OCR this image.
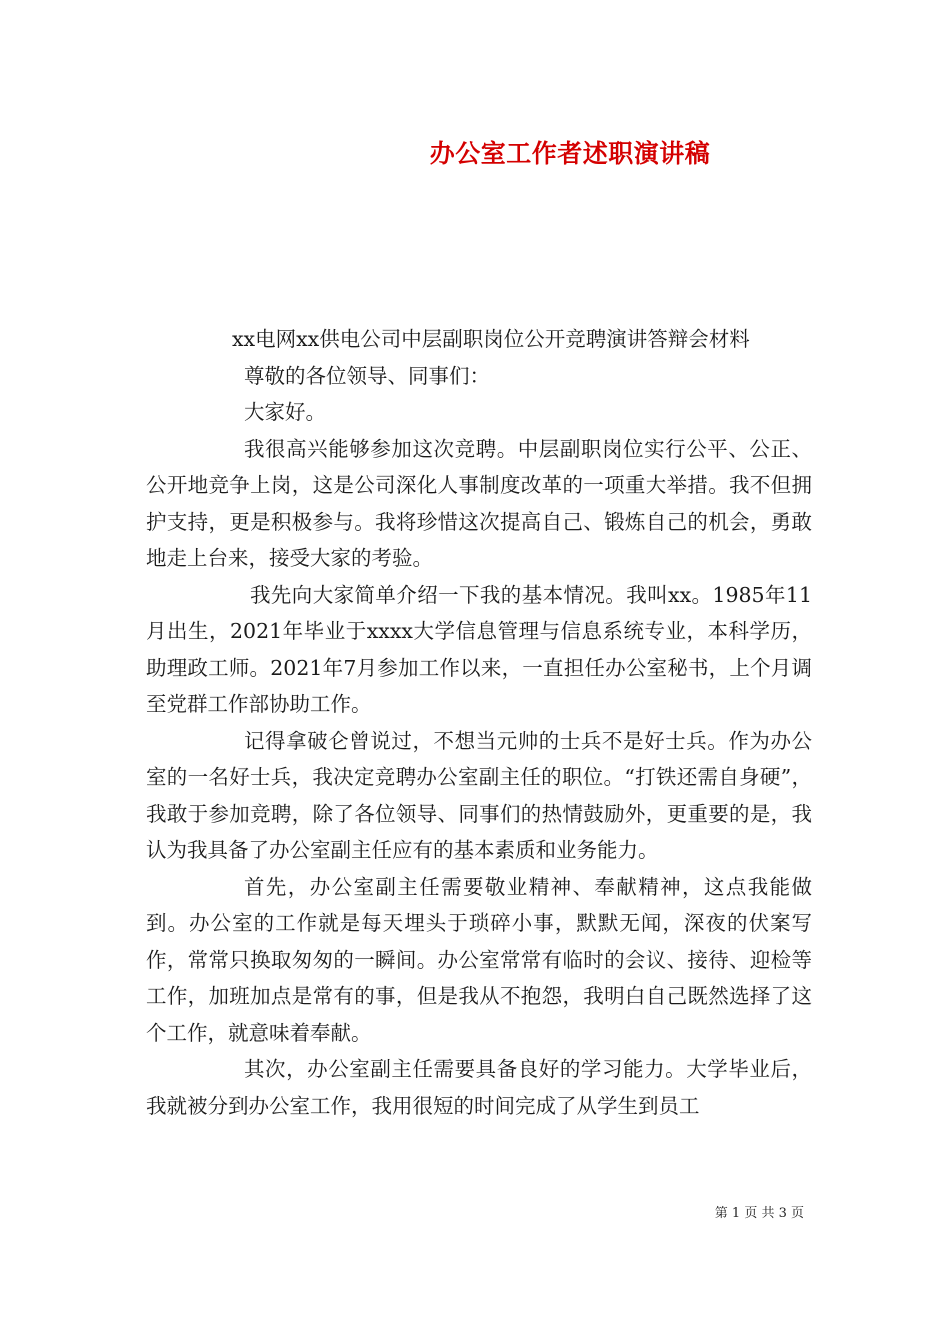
办公室工作者述职演讲稿

xx电网xx供电公司中层副职岗位公开竞聘演讲答辩会材料

尊敬的各位领导、同事们：

大家好。

我很高兴能够参加这次竞聘。中层副职岗位实行公平、公正、公开地竞争上岗，这是公司深化人事制度改革的一项重大举措。我不但拥护支持，更是积极参与。我将珍惜这次提高自己、锻炼自己的机会，勇敢地走上台来，接受大家的考验。

我先向大家简单介绍一下我的基本情况。我叫xx。1985年11月出生，2021年毕业于xxxx大学信息管理与信息系统专业，本科学历，助理政工师。2021年7月参加工作以来，一直担任办公室秘书，上个月调至党群工作部协助工作。

记得拿破仑曾说过，不想当元帅的士兵不是好士兵。作为办公室的一名好士兵，我决定竞聘办公室副主任的职位。“打铁还需自身硬”，我敢于参加竞聘，除了各位领导、同事们的热情鼓励外，更重要的是，我认为我具备了办公室副主任应有的基本素质和业务能力。

首先，办公室副主任需要敬业精神、奉献精神，这点我能做到。办公室的工作就是每天埋头于琐碎小事，默默无闻，深夜的伏案写作，常常只换取匆匆的一瞬间。办公室常常有临时的会议、接待、迎检等工作，加班加点是常有的事，但是我从不抱怨，我明白自己既然选择了这个工作，就意味着奉献。

其次，办公室副主任需要具备良好的学习能力。大学毕业后，我就被分到办公室工作，我用很短的时间完成了从学生到员工

第 1 页 共 3 页
